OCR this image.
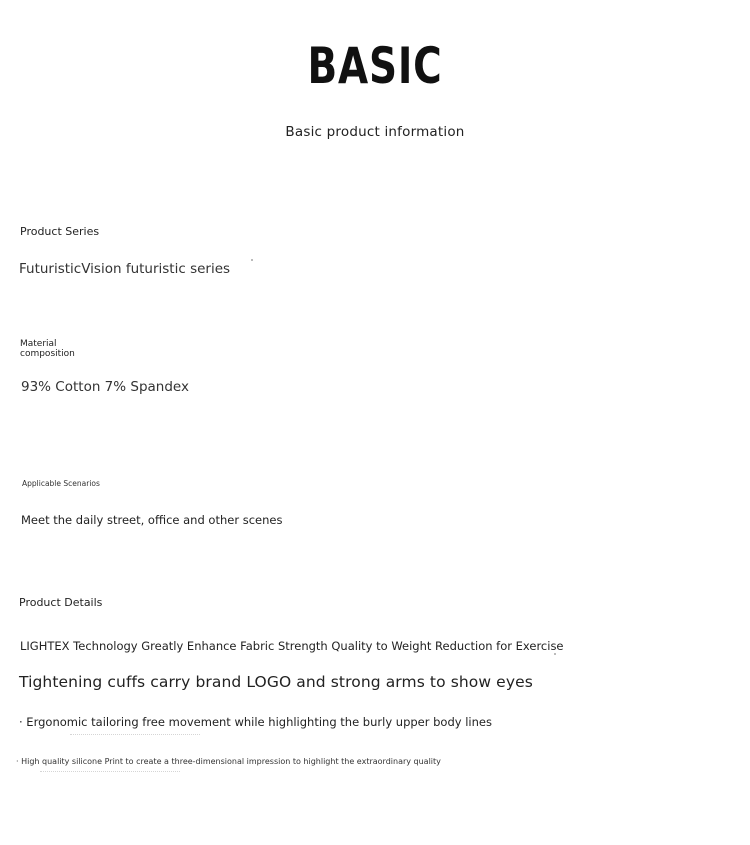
BASIC
Basic product information
Product Series
FuturisticVision futuristic series
Material composition
93% Cotton 7% Spandex
Applicable Scenarios
Meet the daily street, office and other scenes
Product Details
LIGHTEX Technology Greatly Enhance Fabric Strength Quality to Weight Reduction for Exercise
Tightening cuffs carry brand LOGO and strong arms to show eyes
· Ergonomic tailoring free movement while highlighting the burly upper body lines
· High quality silicone Print to create a three-dimensional impression to highlight the extraordinary quality
